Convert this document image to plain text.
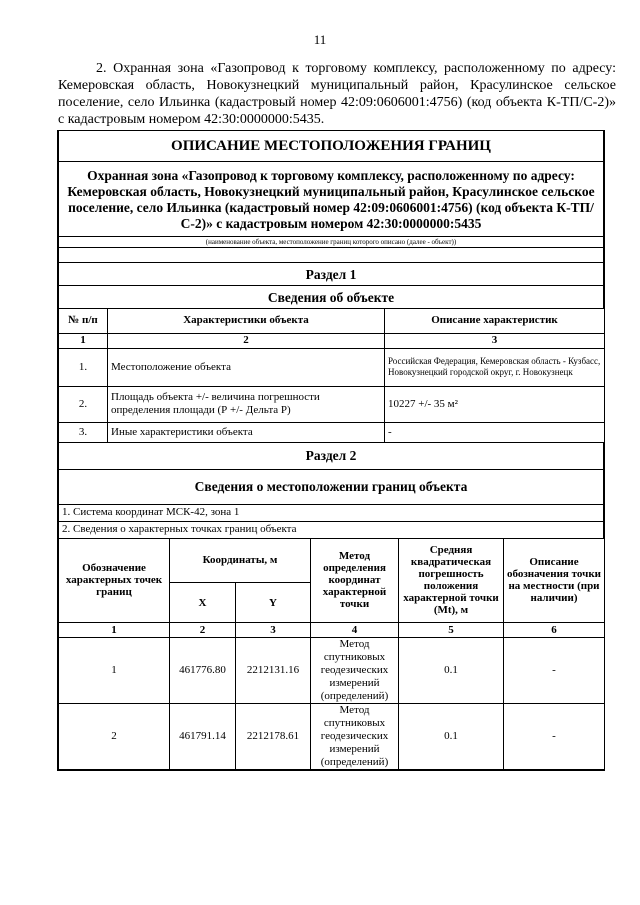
11
2. Охранная зона «Газопровод к торговому комплексу, расположенному по адресу: Кемеровская область, Новокузнецкий муниципальный район, Красулинское сельское поселение, село Ильинка (кадастровый номер 42:09:0606001:4756) (код объекта К-ТП/С-2)» с кадастровым номером 42:30:0000000:5435.
ОПИСАНИЕ МЕСТОПОЛОЖЕНИЯ ГРАНИЦ
Охранная зона «Газопровод к торговому комплексу, расположенному по адресу: Кемеровская область, Новокузнецкий муниципальный район, Красулинское сельское поселение, село Ильинка (кадастровый номер 42:09:0606001:4756) (код объекта К-ТП/С-2)» с кадастровым номером 42:30:0000000:5435
(наименование объекта, местоположение границ которого описано (далее - объект))

Раздел 1
Сведения об объекте
№ п/п	Характеристики объекта	Описание характеристик
1	2	3
1.	Местоположение объекта	Российская Федерация, Кемеровская область - Кузбасс, Новокузнецкий городской округ, г. Новокузнецк
2.	Площадь объекта +/- величина погрешности определения площади (Р +/- Дельта Р)	10227 +/- 35 м²
3.	Иные характеристики объекта	-
Раздел 2
Сведения о местоположении границ объекта
1. Система координат МСК-42, зона 1
2. Сведения о характерных точках границ объекта
Обозначение характерных точек границ	Координаты, м		Метод определения координат характерной точки	Средняя квадратическая погрешность положения характерной точки (Mt), м	Описание обозначения точки на местности (при наличии)
	X	Y			
1	2	3	4	5	6
1	461776.80	2212131.16	Метод спутниковых геодезических измерений (определений)	0.1	-
2	461791.14	2212178.61	Метод спутниковых геодезических измерений (определений)	0.1	-
